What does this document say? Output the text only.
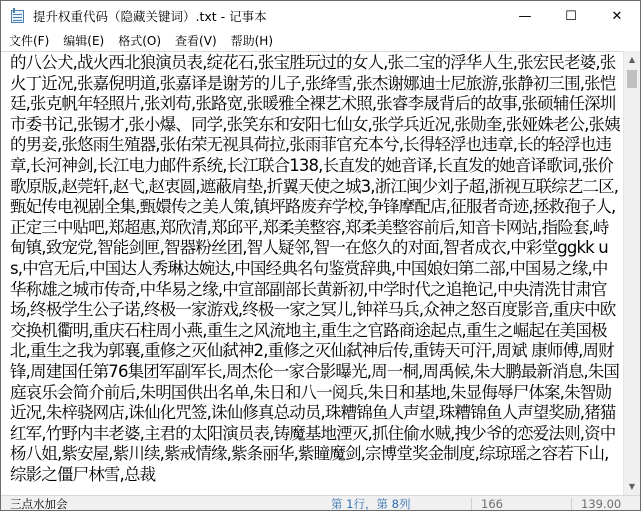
提升权重代码（隐藏关键词）.txt - 记事本	—	☐	✕
文件(F)	编辑(E)	格式(O)	查看(V)	帮助(H)
的八公犬,战火西北狼演员表,绽花石,张宝胜玩过的女人,张二宝的浮华人生,张宏民老婆,张火丁近况,张嘉倪明道,张嘉译是谢芳的儿子,张绛雪,张杰谢娜迪士尼旅游,张静初三围,张恺廷,张克帆年轻照片,张刘苟,张路宽,张暖雅全裸艺术照,张睿李晟背后的故事,张硕辅任深圳市委书记,张锡才,张小爆、同学,张笑东和安阳七仙女,张学兵近况,张勋奎,张娅姝老公,张姨的男妾,张悠雨生殖器,张佑荣无视具荷拉,张雨菲官充本兮,长得轻浮也违章,长的轻浮也违章,长河神剑,长江电力邮件系统,长江联合138,长直发的她音译,长直发的她音译歌词,张价歌原版,赵莞轩,赵弋,赵衷圆,遮蔽肩垫,折翼天使之城3,浙江闽少刘子超,浙视互联综艺二区,甄妃传电视剧全集,甄嬛传之美人策,镇坪路废弃学校,争锋摩配店,征服者奇迹,拯救孢子人,正定三中贴吧,郑超惠,郑欣清,郑邱平,郑柔美整容,郑柔美整容前后,知音卡网站,指险套,峙甸镇,致宠党,智能剑匣,智器粉丝团,智人疑邻,智一在悠久的对面,智者成衣,中彩堂ggkk us,中宫无后,中国达人秀琳达婉达,中国经典名句鉴赏辞典,中国娘妇第二部,中国易之缘,中华称雄之城市传奇,中华易之缘,中宣部副部长黄新初,中学时代之追艳记,中央清洗甘肃官场,终极学生公子诺,终极一家游戏,终极一家之冥儿,钟祥马兵,众神之怒百度影音,重庆中欧交换机衢明,重庆石柱周小燕,重生之风流地主,重生之官路商途起点,重生之崛起在美国极北,重生之我为郭襄,重修之灭仙弑神2,重修之灭仙弑神后传,重铸天可汗,周斌 康师傅,周财锋,周建国任第76集团军副军长,周杰伦一家合影曝光,周一桐,周禹候,朱大鹏最新消息,朱国庭哀乐会简介前后,朱明国供出名单,朱日和八一阅兵,朱日和基地,朱显侮辱尸体案,朱智勋近况,朱梓骁网店,诛仙化咒签,诛仙修真总动员,珠糟锦鱼人声望,珠糟锦鱼人声望奖励,猪猫红军,竹野内丰老婆,主君的太阳演员表,铸魔基地湮灭,抓住偷水贼,拽少爷的恋爱法则,资中杨八姐,紫安屋,紫川续,紫戒情缘,紫条丽华,紫瞳魔剑,宗博堂奖金制度,综琼瑶之容若下山,综影之僵尸林雪,总裁
▲
▼
三点水加会	第 1行，第 8列	166	139.00
